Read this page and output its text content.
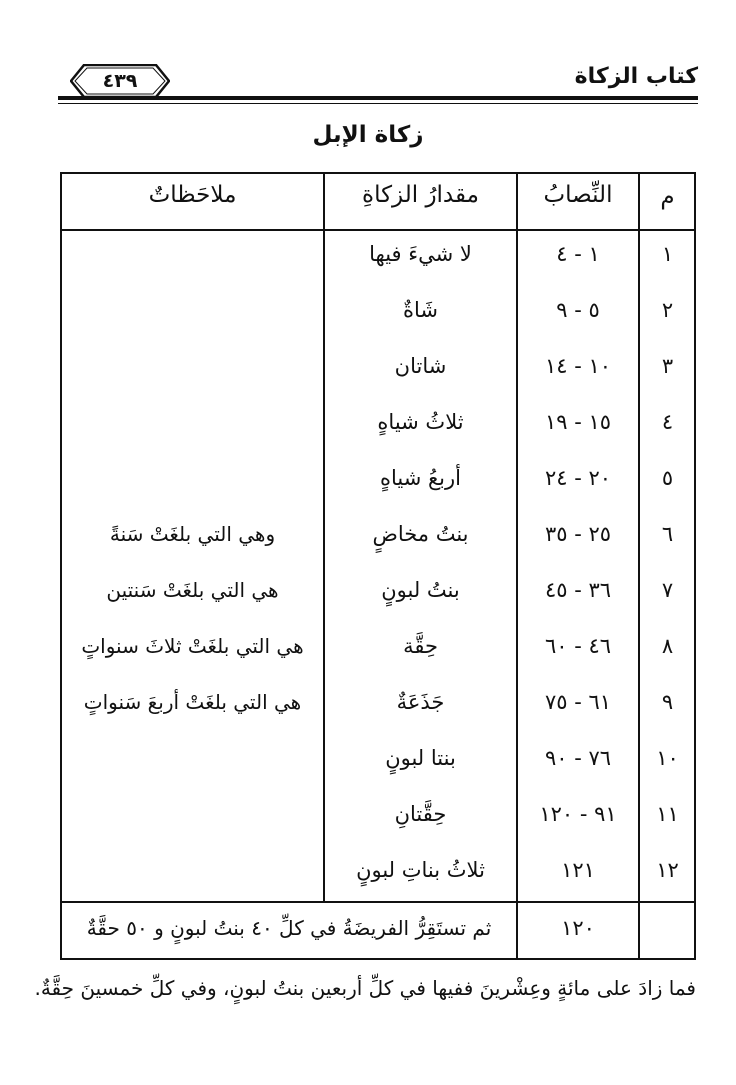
٤٣٩	كتاب الزكاة
زكاة الإبل
م
النِّصابُ
مقدارُ الزكاةِ
ملاحَظاتٌ
١
١ - ٤
لا شيءَ فيها
٢
٥ - ٩
شَاةٌ
٣
١٠ - ١٤
شاتان
٤
١٥ - ١٩
ثلاثُ شياهٍ
٥
٢٠ - ٢٤
أربعُ شياهٍ
٦
٢٥ - ٣٥
بنتُ مخاضٍ
وهي التي بلغَتْ سَنةً
٧
٣٦ - ٤٥
بنتُ لبونٍ
هي التي بلغَتْ سَنتين
٨
٤٦ - ٦٠
حِقَّة
هي التي بلغَتْ ثلاثَ سنواتٍ
٩
٦١ - ٧٥
جَذَعَةٌ
هي التي بلغَتْ أربعَ سَنواتٍ
١٠
٧٦ - ٩٠
بنتا لبونٍ
١١
٩١ - ١٢٠
حِقَّتانِ
١٢
١٢١
ثلاثُ بناتِ لبونٍ
١٢٠
ثم تستَقِرُّ الفريضَةُ في كلِّ ٤٠ بنتُ لبونٍ و ٥٠ حقَّةٌ
فما زادَ على مائةٍ وعِشْرينَ ففيها في كلِّ أربعين بنتُ لبونٍ، وفي كلِّ خمسينَ حِقَّةٌ.
